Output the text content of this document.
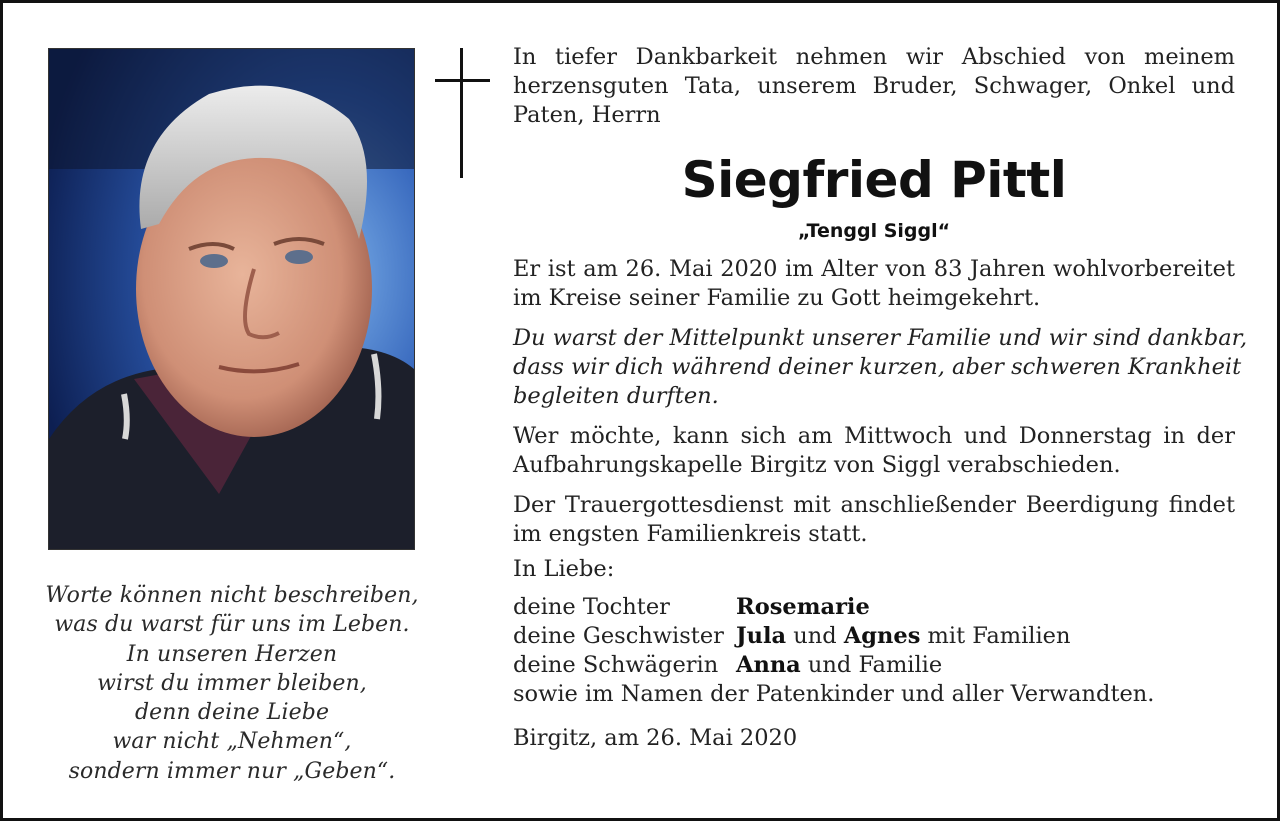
Worte können nicht beschreiben,
was du warst für uns im Leben.
In unseren Herzen
wirst du immer bleiben,
denn deine Liebe
war nicht „Nehmen“,
sondern immer nur „Geben“.

In tiefer Dankbarkeit nehmen wir Abschied von meinem herzensguten Tata, unserem Bruder, Schwager, Onkel und Paten, Herrn

Siegfried Pittl
„Tenggl Siggl“

Er ist am 26. Mai 2020 im Alter von 83 Jahren wohlvorbereitet im Kreise seiner Familie zu Gott heimgekehrt.

Du warst der Mittelpunkt unserer Familie und wir sind dankbar,
dass wir dich während deiner kurzen, aber schweren Krankheit
begleiten durften.

Wer möchte, kann sich am Mittwoch und Donnerstag in der Aufbahrungskapelle Birgitz von Siggl verabschieden.

Der Trauergottesdienst mit anschließender Beerdigung findet im engsten Familienkreis statt.

In Liebe:
deine Tochter	Rosemarie
deine Geschwister Jula
und
Agnes
mit Familien
deine Schwägerin Anna
und Familie
sowie im Namen der Patenkinder und aller Verwandten.

Birgitz, am 26. Mai 2020
